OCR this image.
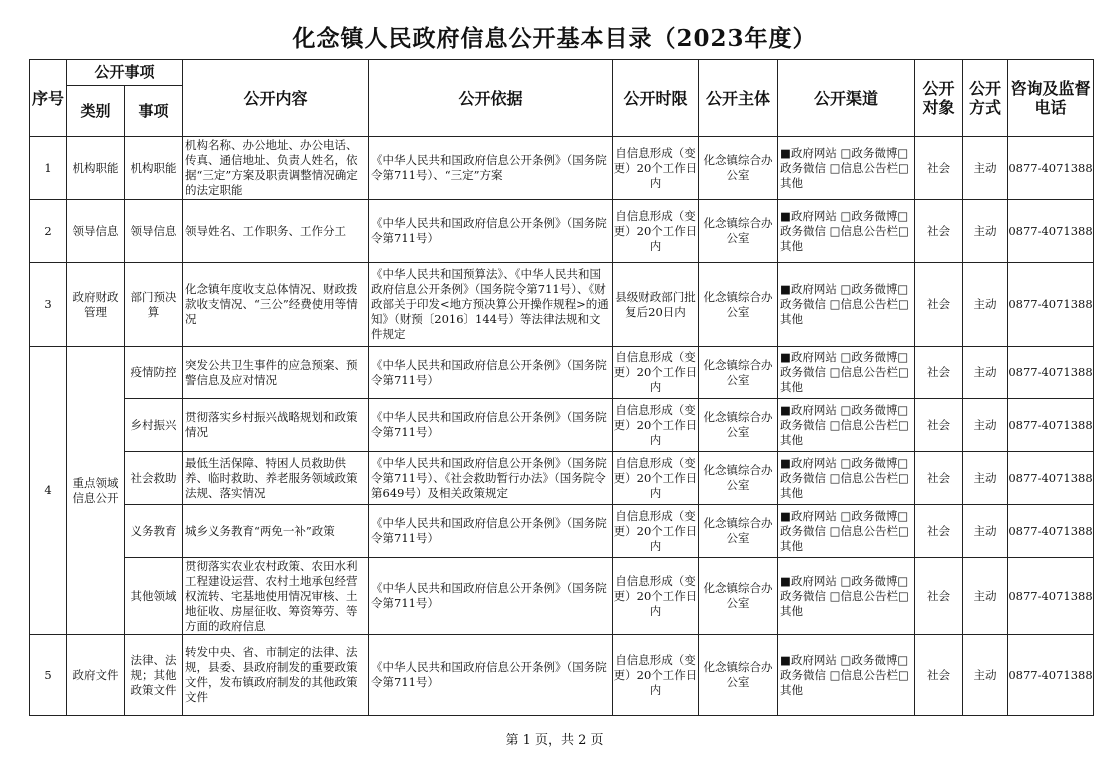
化念镇人民政府信息公开基本目录（2023年度）
序号	公开事项		公开内容	公开依据	公开时限	公开主体	公开渠道	公开对象	公开方式	咨询及监督电话
	类别	事项								
1	机构职能	机构职能	机构名称、办公地址、办公电话、传真、通信地址、负责人姓名，依据“三定”方案及职责调整情况确定的法定职能	《中华人民共和国政府信息公开条例》（国务院令第711号）、“三定”方案	自信息形成（变更）20个工作日内	化念镇综合办公室	■政府网站 □政务微博□政务微信 □信息公告栏□其他	社会	主动	0877-4071388
2	领导信息	领导信息	领导姓名、工作职务、工作分工	《中华人民共和国政府信息公开条例》（国务院令第711号）	自信息形成（变更）20个工作日内	化念镇综合办公室	■政府网站 □政务微博□政务微信 □信息公告栏□其他	社会	主动	0877-4071388
3	政府财政管理	部门预决算	化念镇年度收支总体情况、财政拨款收支情况、“三公”经费使用等情况	《中华人民共和国预算法》、《中华人民共和国政府信息公开条例》（国务院令第711号）、《财政部关于印发<地方预决算公开操作规程>的通知》（财预〔2016〕144号）等法律法规和文件规定	县级财政部门批复后20日内	化念镇综合办公室	■政府网站 □政务微博□政务微信 □信息公告栏□其他	社会	主动	0877-4071388
4	重点领域信息公开	疫情防控	突发公共卫生事件的应急预案、预警信息及应对情况	《中华人民共和国政府信息公开条例》（国务院令第711号）	自信息形成（变更）20个工作日内	化念镇综合办公室	■政府网站 □政务微博□政务微信 □信息公告栏□其他	社会	主动	0877-4071388
		乡村振兴	贯彻落实乡村振兴战略规划和政策情况	《中华人民共和国政府信息公开条例》（国务院令第711号）	自信息形成（变更）20个工作日内	化念镇综合办公室	■政府网站 □政务微博□政务微信 □信息公告栏□其他	社会	主动	0877-4071388
		社会救助	最低生活保障、特困人员救助供养、临时救助、养老服务领域政策法规、落实情况	《中华人民共和国政府信息公开条例》（国务院令第711号）、《社会救助暂行办法》（国务院令第649号）及相关政策规定	自信息形成（变更）20个工作日内	化念镇综合办公室	■政府网站 □政务微博□政务微信 □信息公告栏□其他	社会	主动	0877-4071388
		义务教育	城乡义务教育“两免一补”政策	《中华人民共和国政府信息公开条例》（国务院令第711号）	自信息形成（变更）20个工作日内	化念镇综合办公室	■政府网站 □政务微博□政务微信 □信息公告栏□其他	社会	主动	0877-4071388
		其他领域	贯彻落实农业农村政策、农田水利工程建设运营、农村土地承包经营权流转、宅基地使用情况审核、土地征收、房屋征收、筹资筹劳、等方面的政府信息	《中华人民共和国政府信息公开条例》（国务院令第711号）	自信息形成（变更）20个工作日内	化念镇综合办公室	■政府网站 □政务微博□政务微信 □信息公告栏□其他	社会	主动	0877-4071388
5	政府文件	法律、法规；其他政策文件	转发中央、省、市制定的法律、法规，县委、县政府制发的重要政策文件，发布镇政府制发的其他政策文件	《中华人民共和国政府信息公开条例》（国务院令第711号）	自信息形成（变更）20个工作日内	化念镇综合办公室	■政府网站 □政务微博□政务微信 □信息公告栏□其他	社会	主动	0877-4071388
第 1 页，共 2 页
